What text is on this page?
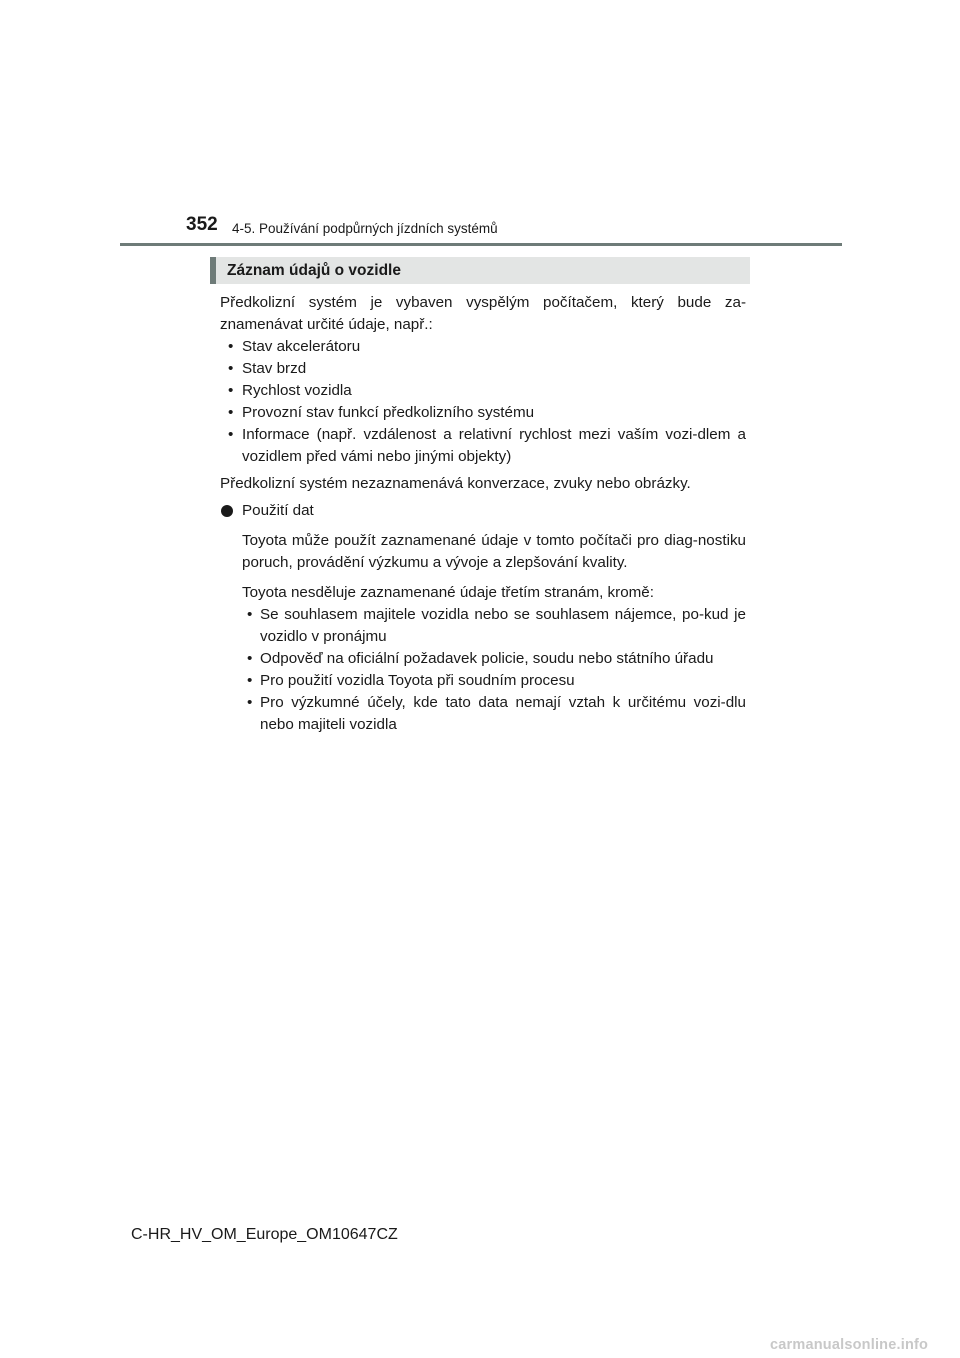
352 4-5. Používání podpůrných jízdních systémů
Záznam údajů o vozidle

Předkolizní systém je vybaven vyspělým počítačem, který bude za-znamenávat určité údaje, např.:

• Stav akcelerátoru
• Stav brzd
• Rychlost vozidla
• Provozní stav funkcí předkolizního systému
• Informace (např. vzdálenost a relativní rychlost mezi vaším vozi-dlem a vozidlem před vámi nebo jinými objekty)

Předkolizní systém nezaznamenává konverzace, zvuky nebo obrázky.

Použití dat

Toyota může použít zaznamenané údaje v tomto počítači pro diag-nostiku poruch, provádění výzkumu a vývoje a zlepšování kvality.

Toyota nesděluje zaznamenané údaje třetím stranám, kromě:

• Se souhlasem majitele vozidla nebo se souhlasem nájemce, po-kud je vozidlo v pronájmu
• Odpověď na oficiální požadavek policie, soudu nebo státního úřadu
• Pro použití vozidla Toyota při soudním procesu
• Pro výzkumné účely, kde tato data nemají vztah k určitému vozi-dlu nebo majiteli vozidla
C-HR_HV_OM_Europe_OM10647CZ
carmanualsonline.info
